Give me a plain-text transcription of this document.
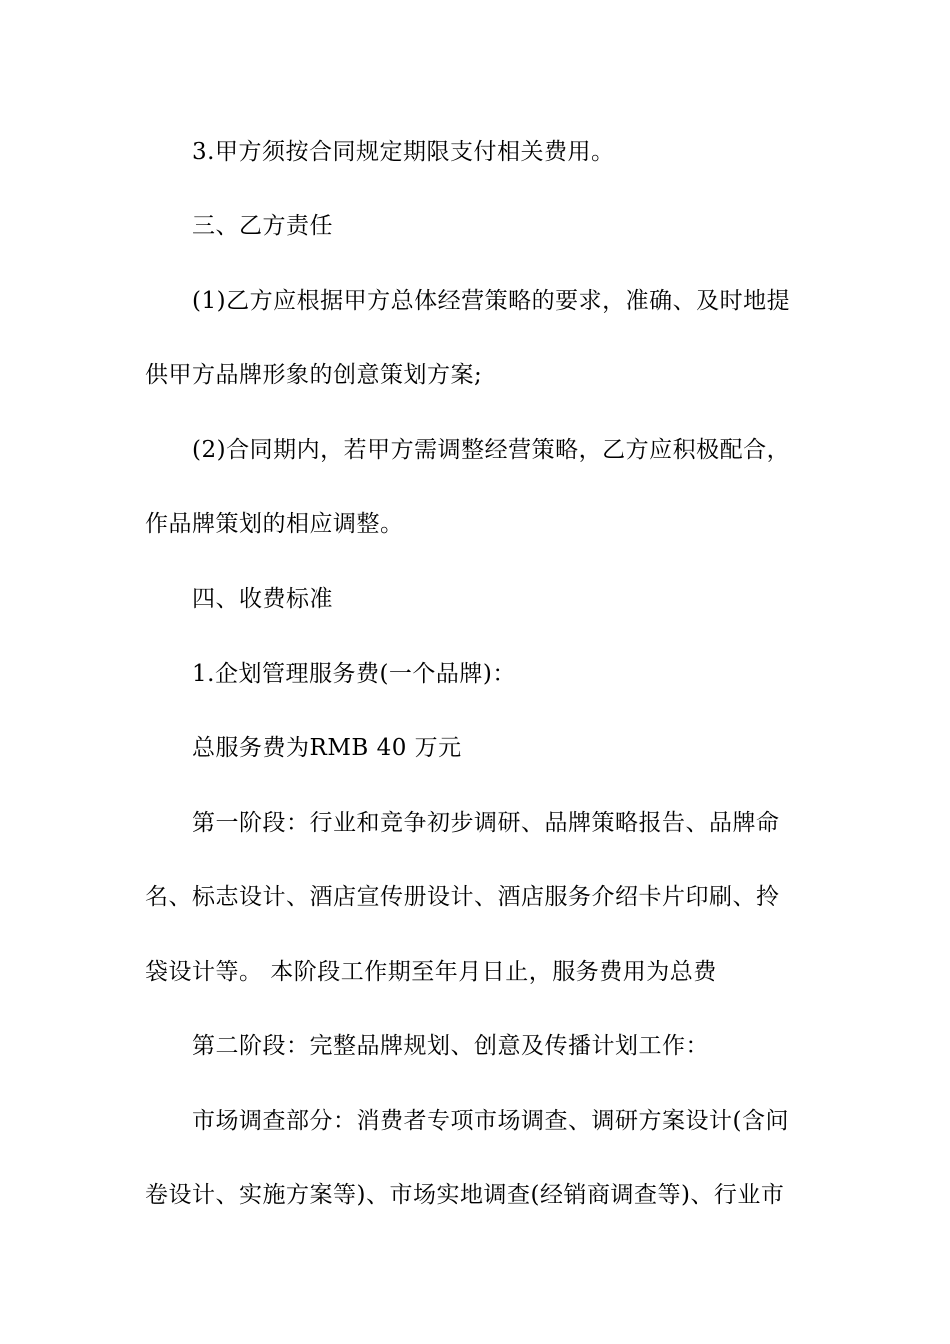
3.甲方须按合同规定期限支付相关费用。
三、乙方责任
(1)乙方应根据甲方总体经营策略的要求，准确、及时地提
供甲方品牌形象的创意策划方案;
(2)合同期内，若甲方需调整经营策略，乙方应积极配合，
作品牌策划的相应调整。
四、收费标准
1.企划管理服务费(一个品牌)：
总服务费为RMB 40 万元
第一阶段：行业和竞争初步调研、品牌策略报告、品牌命
名、标志设计、酒店宣传册设计、酒店服务介绍卡片印刷、拎
袋设计等。 本阶段工作期至年月日止，服务费用为总费
第二阶段：完整品牌规划、创意及传播计划工作：
市场调查部分：消费者专项市场调查、调研方案设计(含问
卷设计、实施方案等)、市场实地调查(经销商调查等)、行业市
